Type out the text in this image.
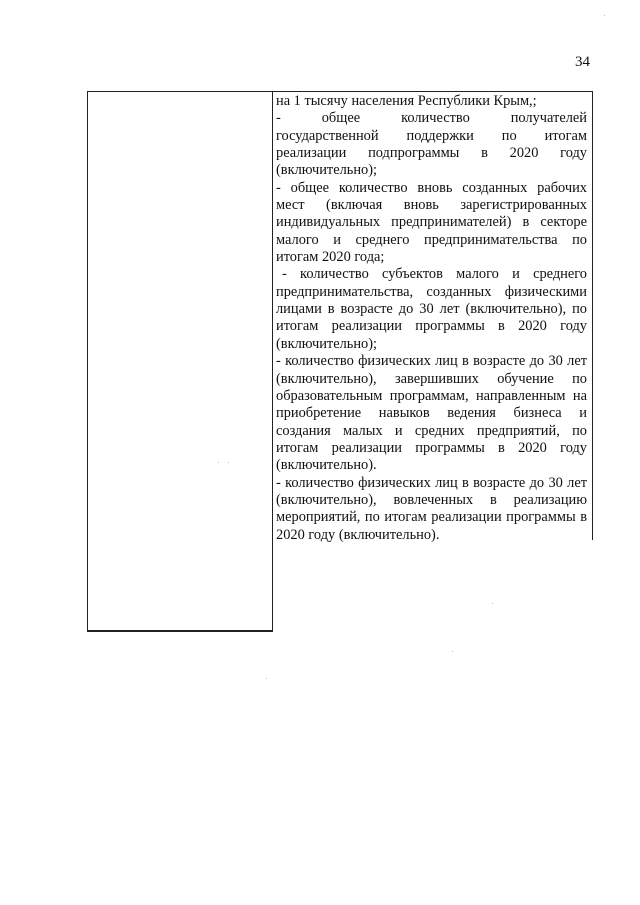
34

на 1 тысячу населения Республики Крым,;

-       общее       количество       получателей государственной поддержки по итогам реализации подпрограммы в 2020 году (включительно);

- общее количество вновь созданных рабочих мест (включая вновь зарегистрированных индивидуальных предпринимателей) в секторе малого и среднего предпринимательства по итогам 2020 года;

- количество субъектов малого и среднего предпринимательства, созданных физическими лицами в возрасте до 30 лет (включительно), по итогам реализации программы в 2020 году (включительно);

- количество физических лиц в возрасте до 30 лет (включительно), завершивших обучение по образовательным программам, направленным на приобретение навыков ведения бизнеса и создания малых и средних предприятий, по итогам реализации программы в 2020 году (включительно).

- количество физических лиц в возрасте до 30 лет (включительно), вовлеченных в реализацию мероприятий, по итогам реализации программы в 2020 году (включительно).
